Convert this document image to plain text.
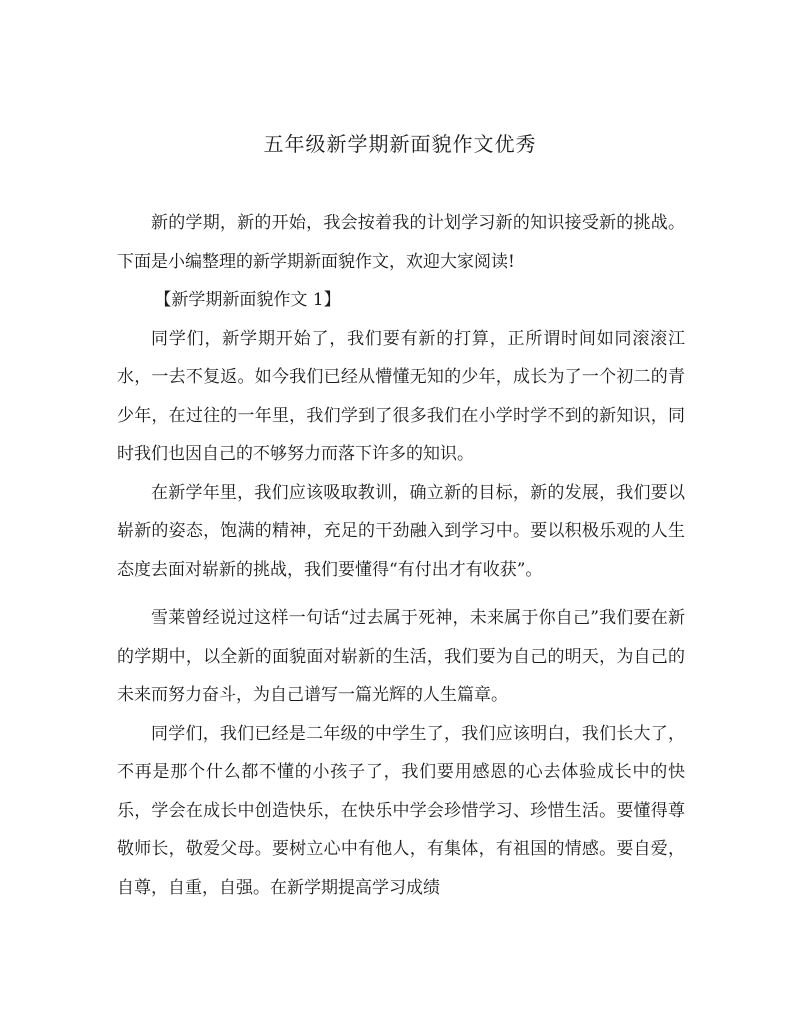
五年级新学期新面貌作文优秀

新的学期，新的开始，我会按着我的计划学习新的知识接受新的挑战。下面是小编整理的新学期新面貌作文，欢迎大家阅读!

【新学期新面貌作文 1】

同学们，新学期开始了，我们要有新的打算，正所谓时间如同滚滚江水，一去不复返。如今我们已经从懵懂无知的少年，成长为了一个初二的青少年，在过往的一年里，我们学到了很多我们在小学时学不到的新知识，同时我们也因自己的不够努力而落下许多的知识。

在新学年里，我们应该吸取教训，确立新的目标，新的发展，我们要以崭新的姿态，饱满的精神，充足的干劲融入到学习中。要以积极乐观的人生态度去面对崭新的挑战，我们要懂得“有付出才有收获”。

雪莱曾经说过这样一句话“过去属于死神，未来属于你自己”我们要在新的学期中，以全新的面貌面对崭新的生活，我们要为自己的明天，为自己的未来而努力奋斗，为自己谱写一篇光辉的人生篇章。

同学们，我们已经是二年级的中学生了，我们应该明白，我们长大了，不再是那个什么都不懂的小孩子了，我们要用感恩的心去体验成长中的快乐，学会在成长中创造快乐，在快乐中学会珍惜学习、珍惜生活。要懂得尊敬师长，敬爱父母。要树立心中有他人，有集体，有祖国的情感。要自爱，自尊，自重，自强。在新学期提高学习成绩
